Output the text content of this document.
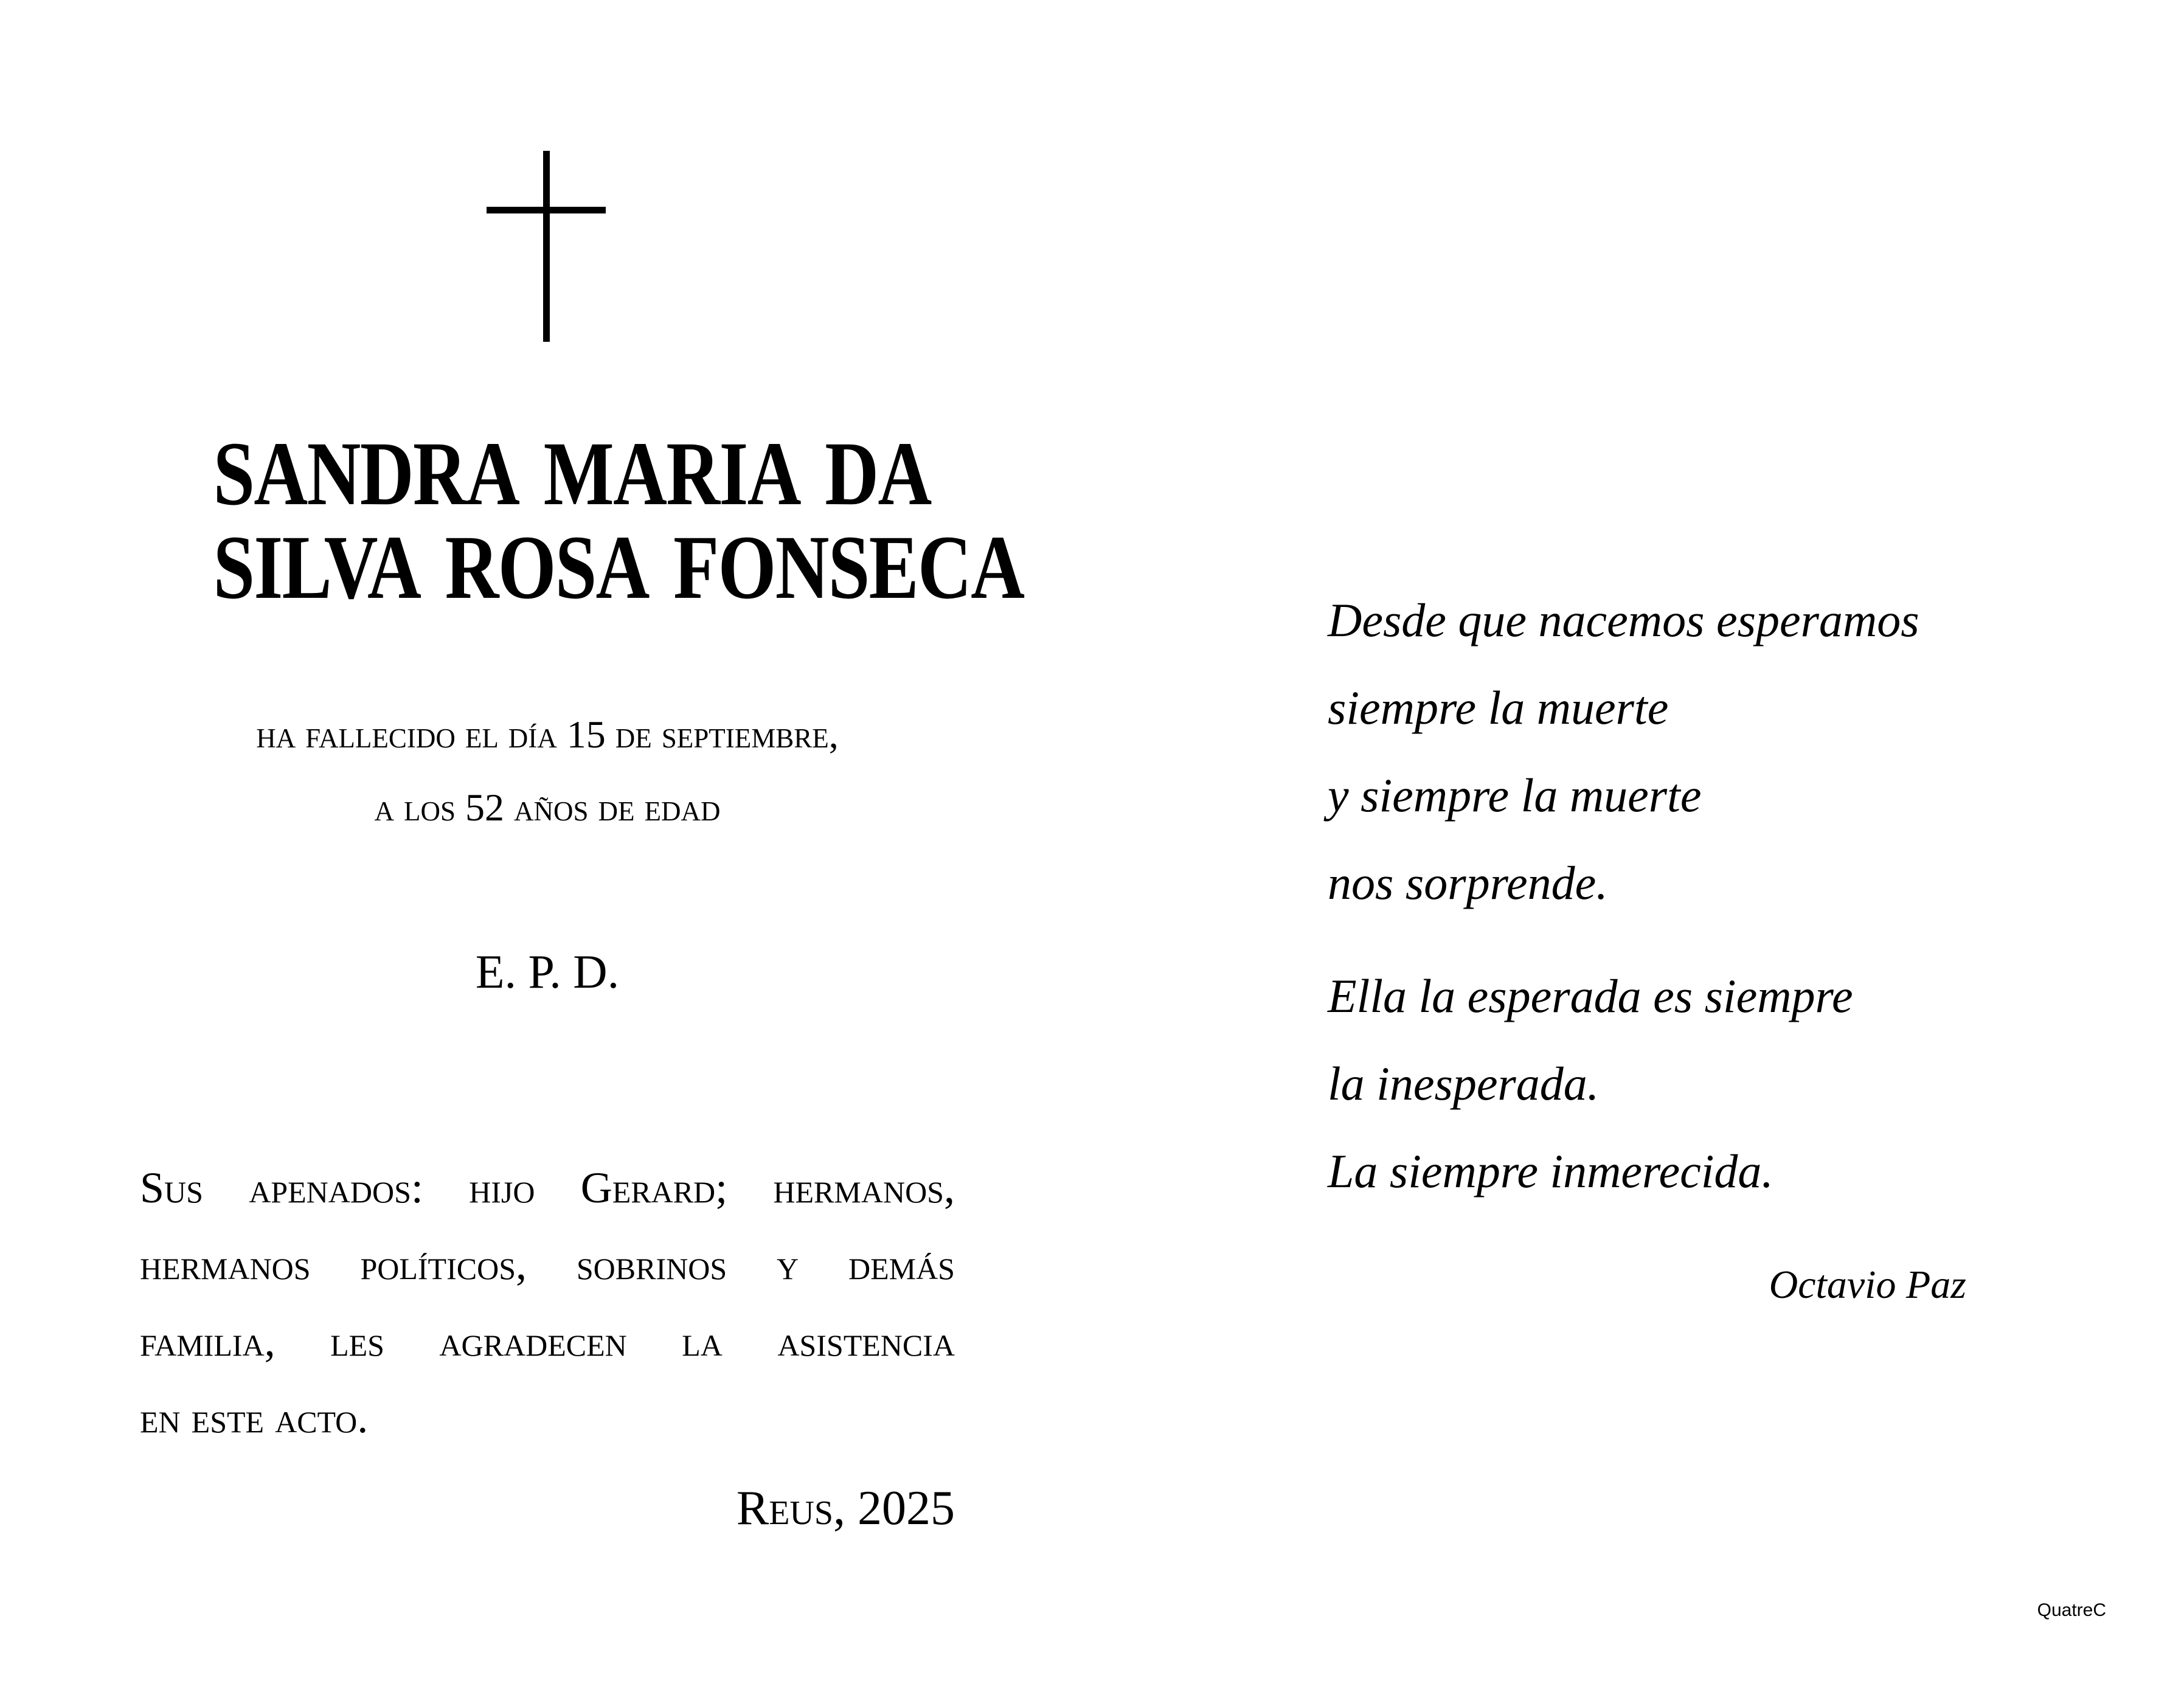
SANDRA MARIA DA
SILVA ROSA FONSECA
ha fallecido el día 15 de septiembre,
a los 52 años de edad
E. P. D.
Sus apenados: hijo Gerard; hermanos,
hermanos políticos, sobrinos y demás
familia, les agradecen la asistencia
en este acto.
Reus, 2025
Desde que nacemos esperamos
siempre la muerte
y siempre la muerte
nos sorprende.
Ella la esperada es siempre
la inesperada.
La siempre inmerecida.
Octavio Paz
QuatreC
